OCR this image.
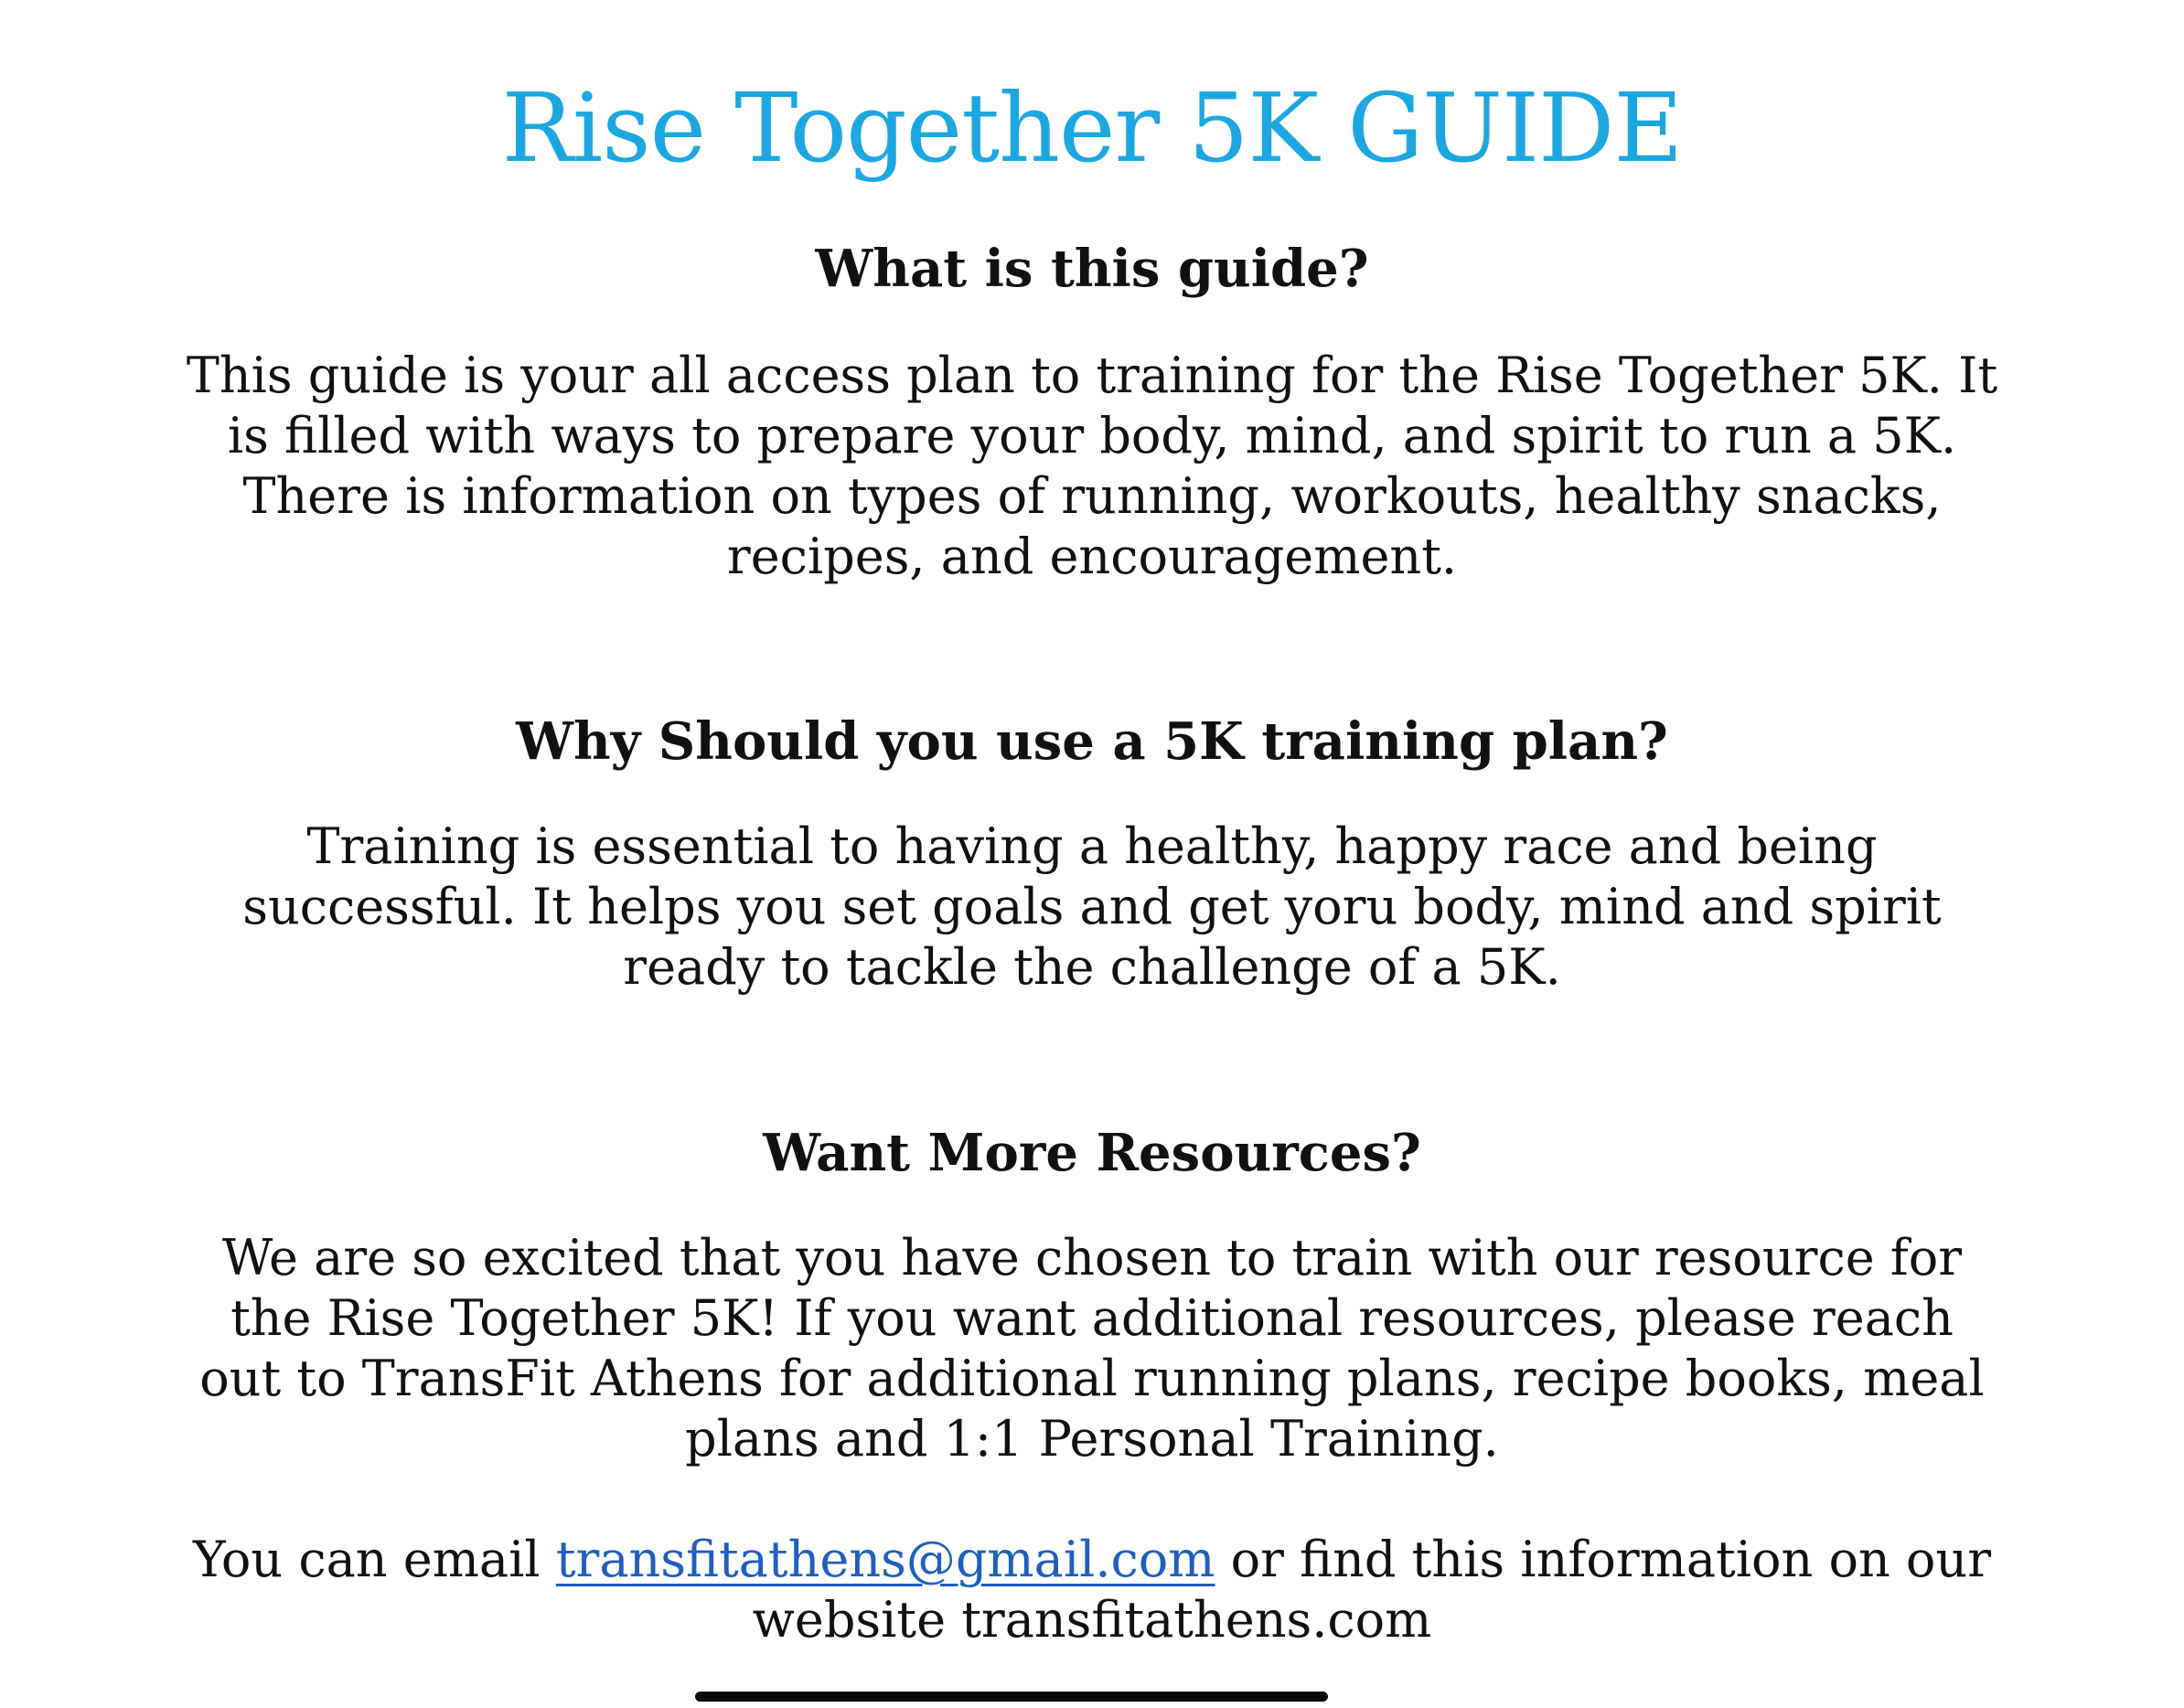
Rise Together 5K GUIDE
What is this guide?

This guide is your all access plan to training for the Rise Together 5K. It is filled with ways to prepare your body, mind, and spirit to run a 5K. There is information on types of running, workouts, healthy snacks, recipes, and encouragement.

Why Should you use a 5K training plan?

Training is essential to having a healthy, happy race and being successful. It helps you set goals and get yoru body, mind and spirit ready to tackle the challenge of a 5K.

Want More Resources?

We are so excited that you have chosen to train with our resource for the Rise Together 5K! If you want additional resources, please reach out to TransFit Athens for additional running plans, recipe books, meal plans and 1:1 Personal Training.

You can email transfitathens@gmail.com or find this information on our website transfitathens.com
